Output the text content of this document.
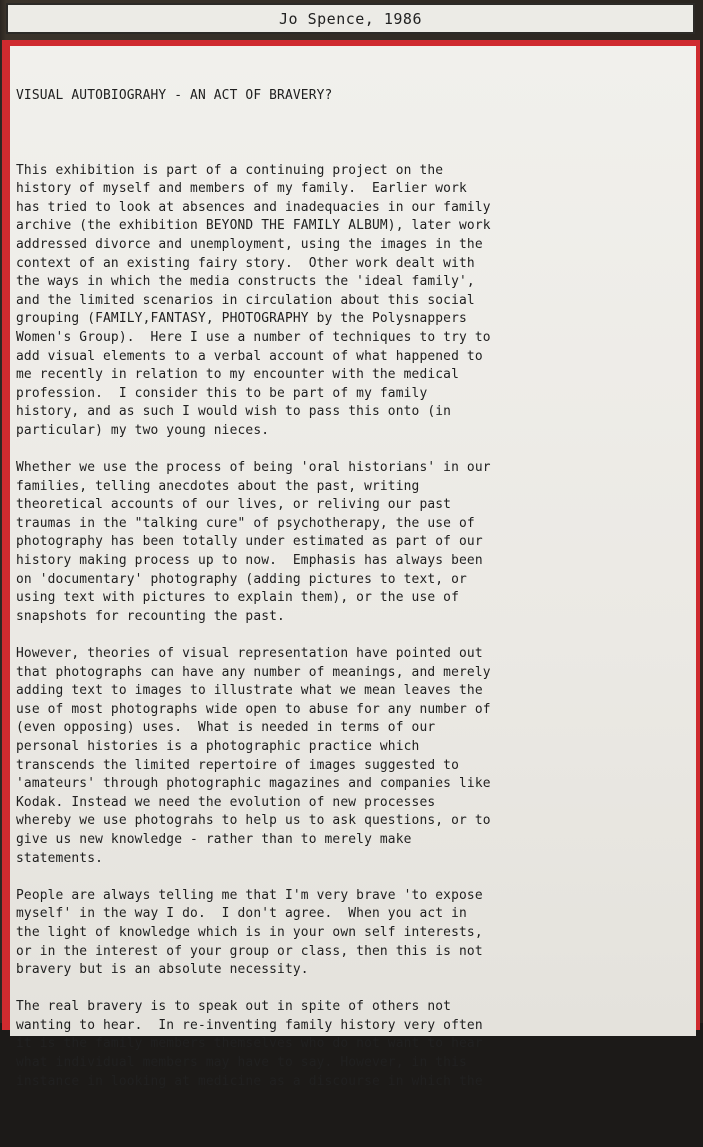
Jo Spence, 1986

VISUAL AUTOBIOGRAHY - AN ACT OF BRAVERY?

This exhibition is part of a continuing project on the
history of myself and members of my family.  Earlier work
has tried to look at absences and inadequacies in our family
archive (the exhibition BEYOND THE FAMILY ALBUM), later work
addressed divorce and unemployment, using the images in the
context of an existing fairy story.  Other work dealt with
the ways in which the media constructs the 'ideal family',
and the limited scenarios in circulation about this social
grouping (FAMILY,FANTASY, PHOTOGRAPHY by the Polysnappers
Women's Group).  Here I use a number of techniques to try to
add visual elements to a verbal account of what happened to
me recently in relation to my encounter with the medical
profession.  I consider this to be part of my family
history, and as such I would wish to pass this onto (in
particular) my two young nieces.
Whether we use the process of being 'oral historians' in our
families, telling anecdotes about the past, writing
theoretical accounts of our lives, or reliving our past
traumas in the "talking cure" of psychotherapy, the use of
photography has been totally under estimated as part of our
history making process up to now.  Emphasis has always been
on 'documentary' photography (adding pictures to text, or
using text with pictures to explain them), or the use of
snapshots for recounting the past.
However, theories of visual representation have pointed out
that photographs can have any number of meanings, and merely
adding text to images to illustrate what we mean leaves the
use of most photographs wide open to abuse for any number of
(even opposing) uses.  What is needed in terms of our
personal histories is a photographic practice which
transcends the limited repertoire of images suggested to
'amateurs' through photographic magazines and companies like
Kodak. Instead we need the evolution of new processes
whereby we use photograhs to help us to ask questions, or to
give us new knowledge - rather than to merely make
statements.
People are always telling me that I'm very brave 'to expose
myself' in the way I do.  I don't agree.  When you act in
the light of knowledge which is in your own self interests,
or in the interest of your group or class, then this is not
bravery but is an absolute necessity.
The real bravery is to speak out in spite of others not
wanting to hear.  In re-inventing family history very often
it is the family members themselves who do not want to hear
what individual members may have to say. However, in this
instance in looking at medicine as a discourse in which the
